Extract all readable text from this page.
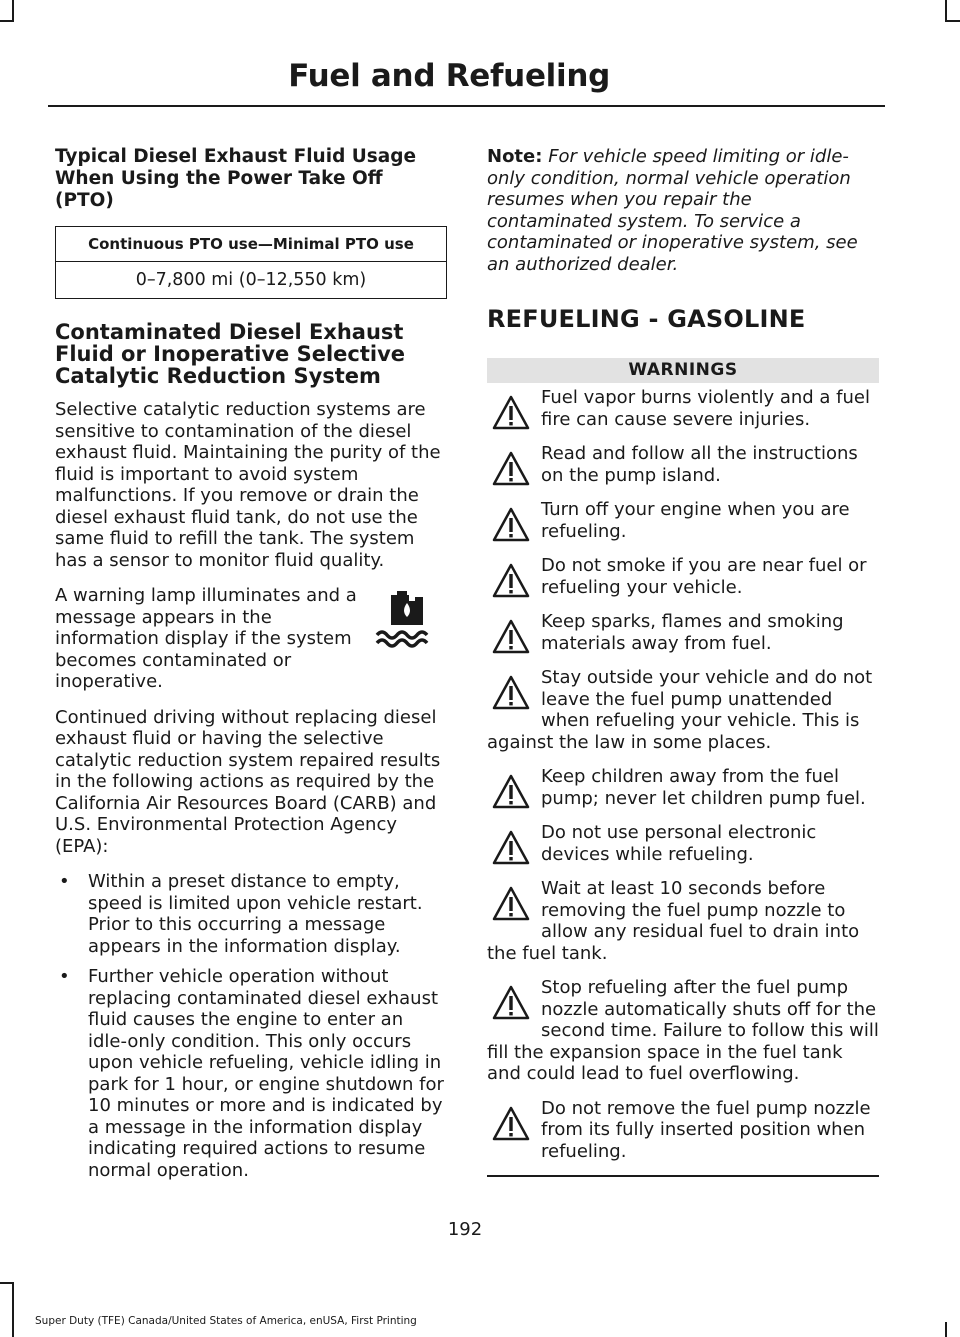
Fuel and Refueling
Typical Diesel Exhaust Fluid Usage When Using the Power Take Off (PTO)
Continuous PTO use—Minimal PTO use
0–7,800 mi (0–12,550 km)
Contaminated Diesel Exhaust Fluid or Inoperative Selective Catalytic Reduction System

Selective catalytic reduction systems are sensitive to contamination of the diesel exhaust fluid. Maintaining the purity of the fluid is important to avoid system malfunctions. If you remove or drain the diesel exhaust fluid tank, do not use the same fluid to refill the tank. The system has a sensor to monitor fluid quality.

A warning lamp illuminates and a message appears in the information display if the system becomes contaminated or inoperative.

Continued driving without replacing diesel exhaust fluid or having the selective catalytic reduction system repaired results in the following actions as required by the California Air Resources Board (CARB) and U.S. Environmental Protection Agency (EPA):

• Within a preset distance to empty, speed is limited upon vehicle restart. Prior to this occurring a message appears in the information display.
• Further vehicle operation without replacing contaminated diesel exhaust fluid causes the engine to enter an idle-only condition. This only occurs upon vehicle refueling, vehicle idling in park for 1 hour, or engine shutdown for 10 minutes or more and is indicated by a message in the information display indicating required actions to resume normal operation.

Note: For vehicle speed limiting or idle-only condition, normal vehicle operation resumes when you repair the contaminated system. To service a contaminated or inoperative system, see an authorized dealer.

REFUELING - GASOLINE
WARNINGS
Fuel vapor burns violently and a fuel fire can cause severe injuries.
Read and follow all the instructions on the pump island.
Turn off your engine when you are refueling.
Do not smoke if you are near fuel or refueling your vehicle.
Keep sparks, flames and smoking materials away from fuel.
Stay outside your vehicle and do not leave the fuel pump unattended when refueling your vehicle. This is against the law in some places.
Keep children away from the fuel pump; never let children pump fuel.
Do not use personal electronic devices while refueling.
Wait at least 10 seconds before removing the fuel pump nozzle to allow any residual fuel to drain into the fuel tank.
Stop refueling after the fuel pump nozzle automatically shuts off for the second time. Failure to follow this will fill the expansion space in the fuel tank and could lead to fuel overflowing.
Do not remove the fuel pump nozzle from its fully inserted position when refueling.
192
Super Duty (TFE) Canada/United States of America, enUSA, First Printing
